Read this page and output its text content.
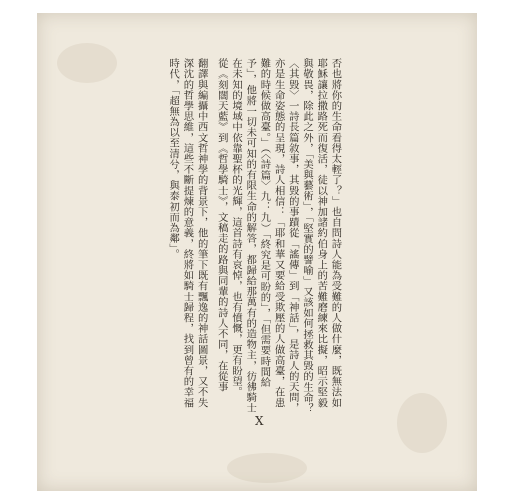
否也將你的生命看得太輕了？」也自問詩人能為受難的人做什麼，既無法如
耶穌讓拉撒路死而復活，徒以神加諸約伯身上的苦難磨練來比擬，昭示堅毅
與敬畏，除此之外，「美與藝術」，「堅實的譬喻」又該如何拯救其毀的生命？
〈其毀〉一詩長篇敘事，其毀的事蹟從「謠傳」到「神話」，是詩人的天問，
亦是生命姿態的呈現，詩人相信：「耶和華又要給受欺壓的人做高臺，在患
難的時候做高臺。」（〈詩篇〉九：九）「終究是可盼的」，「但需要時間給
予」，他將一切未可知的有限生命的解答，都歸給那萬有的造物主，彷彿騎士
在未知的境域中依靠聖杯的光輝，這首詩有哀悼，也有憤慨，更有盼望。
從《刻闊天藍》到《哲學騎士》，文稿走的路與同輩的詩人不同，在從事
翻譯與編攝中西文哲神學的背景下，他的筆下既有飄逸的神話圖景，又不失
深沈的哲學思維，這些不斷提煉的意義，終將如騎士歸程，找到曾有的幸福
時代，「超無為以至清兮，與泰初而為鄰」。
X
